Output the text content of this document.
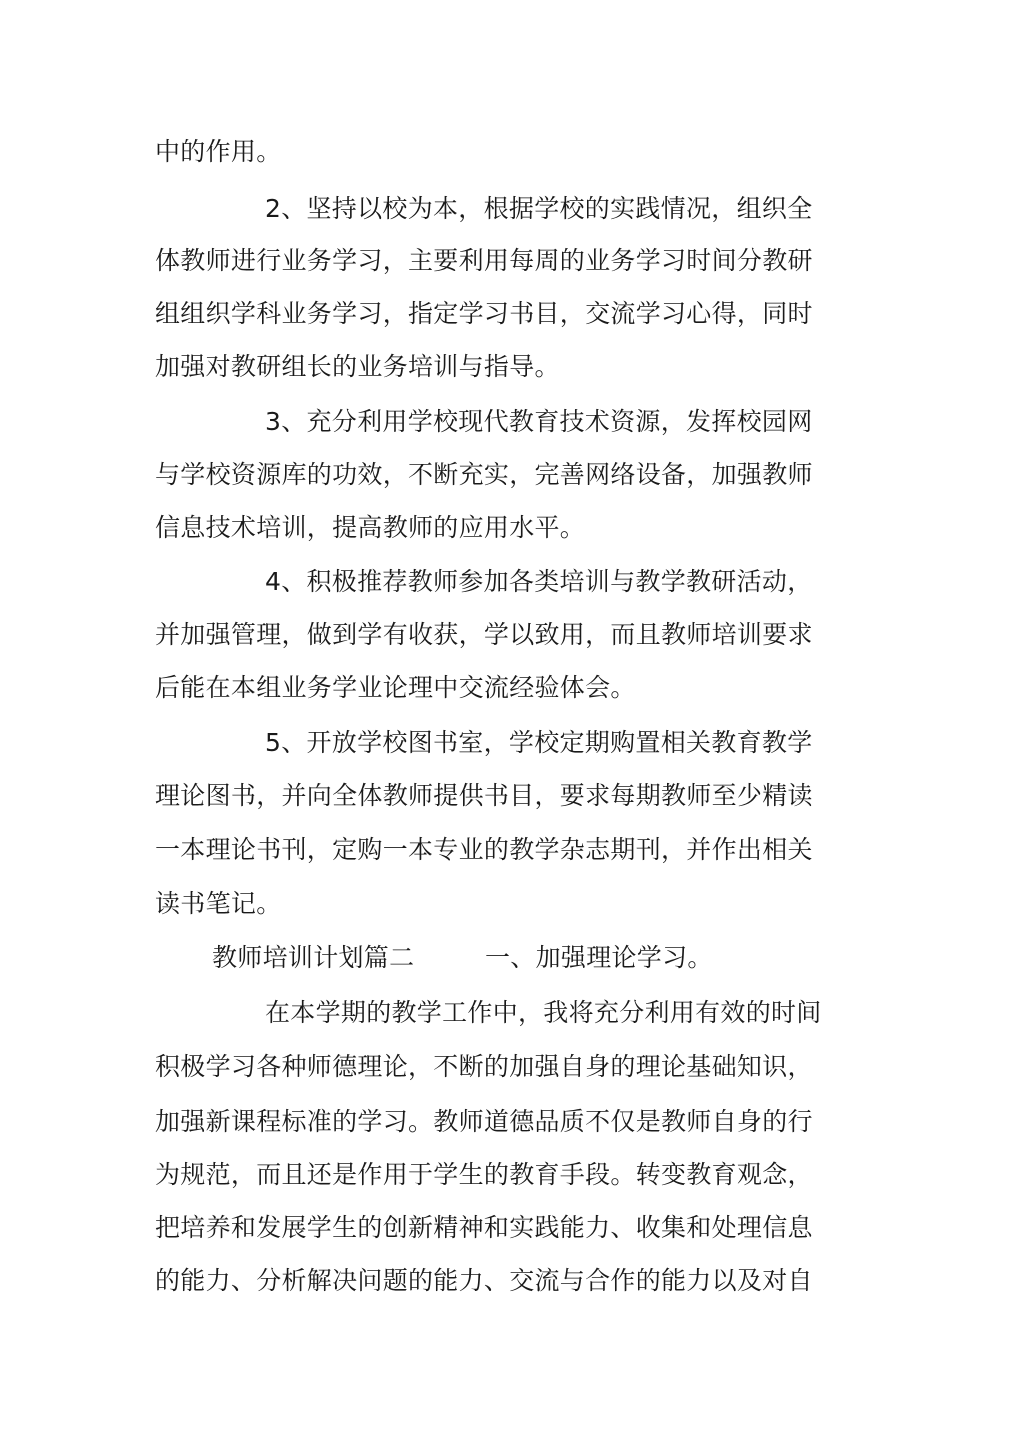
中的作用。
2、坚持以校为本，根据学校的实践情况，组织全
体教师进行业务学习，主要利用每周的业务学习时间分教研
组组织学科业务学习，指定学习书目，交流学习心得，同时
加强对教研组长的业务培训与指导。
3、充分利用学校现代教育技术资源，发挥校园网
与学校资源库的功效，不断充实，完善网络设备，加强教师
信息技术培训，提高教师的应用水平。
4、积极推荐教师参加各类培训与教学教研活动，
并加强管理，做到学有收获，学以致用，而且教师培训要求
后能在本组业务学业论理中交流经验体会。
5、开放学校图书室，学校定期购置相关教育教学
理论图书，并向全体教师提供书目，要求每期教师至少精读
一本理论书刊，定购一本专业的教学杂志期刊，并作出相关
读书笔记。
教师培训计划篇二	一、加强理论学习。
在本学期的教学工作中，我将充分利用有效的时间
积极学习各种师德理论，不断的加强自身的理论基础知识，
加强新课程标准的学习。教师道德品质不仅是教师自身的行
为规范，而且还是作用于学生的教育手段。转变教育观念，
把培养和发展学生的创新精神和实践能力、收集和处理信息
的能力、分析解决问题的能力、交流与合作的能力以及对自
